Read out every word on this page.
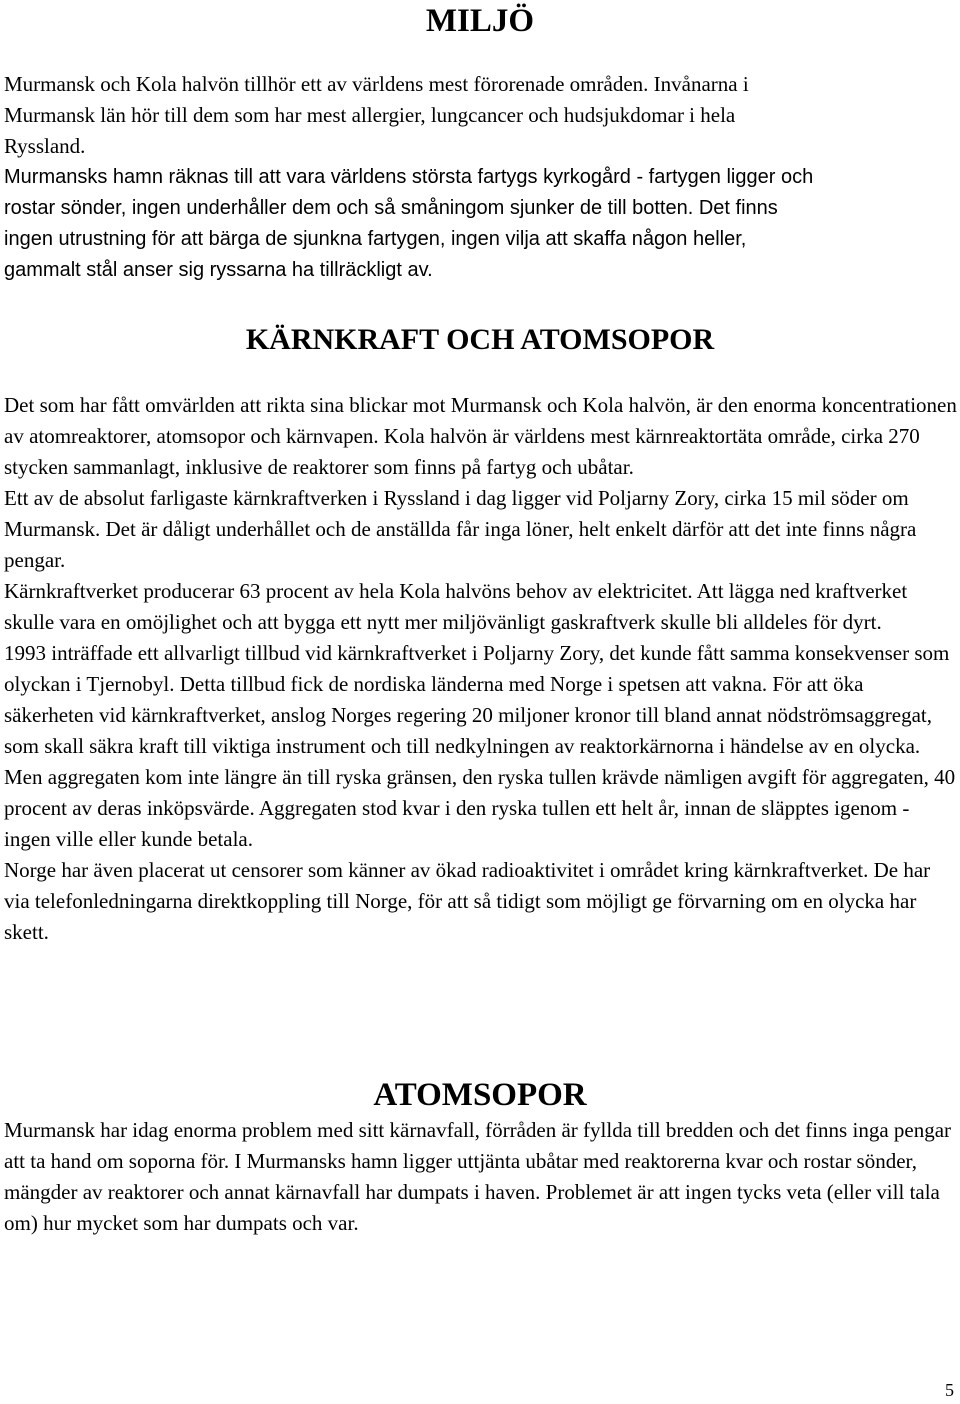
MILJÖ
Murmansk och Kola halvön tillhör ett av världens mest förorenade områden. Invånarna i
Murmansk län hör till dem som har mest allergier, lungcancer och hudsjukdomar i hela
Ryssland.
Murmansks hamn räknas till att vara världens största fartygs kyrkogård - fartygen ligger och
rostar sönder, ingen underhåller dem och så småningom sjunker de till botten. Det finns
ingen utrustning för att bärga de sjunkna fartygen, ingen vilja att skaffa någon heller,
gammalt stål anser sig ryssarna ha tillräckligt av.
KÄRNKRAFT OCH ATOMSOPOR

Det som har fått omvärlden att rikta sina blickar mot Murmansk och Kola halvön, är den enorma koncentrationen av atomreaktorer, atomsopor och kärnvapen. Kola halvön är världens mest kärnreaktortäta område, cirka 270 stycken sammanlagt, inklusive de reaktorer som finns på fartyg och ubåtar.

Ett av de absolut farligaste kärnkraftverken i Ryssland i dag ligger vid Poljarny Zory, cirka 15 mil söder om Murmansk. Det är dåligt underhållet och de anställda får inga löner, helt enkelt därför att det inte finns några pengar.

Kärnkraftverket producerar 63 procent av hela Kola halvöns behov av elektricitet. Att lägga ned kraftverket skulle vara en omöjlighet och att bygga ett nytt mer miljövänligt gaskraftverk skulle bli alldeles för dyrt.

1993 inträffade ett allvarligt tillbud vid kärnkraftverket i Poljarny Zory, det kunde fått samma konsekvenser som olyckan i Tjernobyl. Detta tillbud fick de nordiska länderna med Norge i spetsen att vakna. För att öka säkerheten vid kärnkraftverket, anslog Norges regering 20 miljoner kronor till bland annat nödströmsaggregat, som skall säkra kraft till viktiga instrument och till nedkylningen av reaktorkärnorna i händelse av en olycka. Men aggregaten kom inte längre än till ryska gränsen, den ryska tullen krävde nämligen avgift för aggregaten, 40 procent av deras inköpsvärde. Aggregaten stod kvar i den ryska tullen ett helt år, innan de släpptes igenom - ingen ville eller kunde betala.

Norge har även placerat ut censorer som känner av ökad radioaktivitet i området kring kärnkraftverket. De har via telefonledningarna direktkoppling till Norge, för att så tidigt som möjligt ge förvarning om en olycka har skett.

ATOMSOPOR

Murmansk har idag enorma problem med sitt kärnavfall, förråden är fyllda till bredden och det finns inga pengar att ta hand om soporna för. I Murmansks hamn ligger uttjänta ubåtar med reaktorerna kvar och rostar sönder, mängder av reaktorer och annat kärnavfall har dumpats i haven. Problemet är att ingen tycks veta (eller vill tala om) hur mycket som har dumpats och var.

5
